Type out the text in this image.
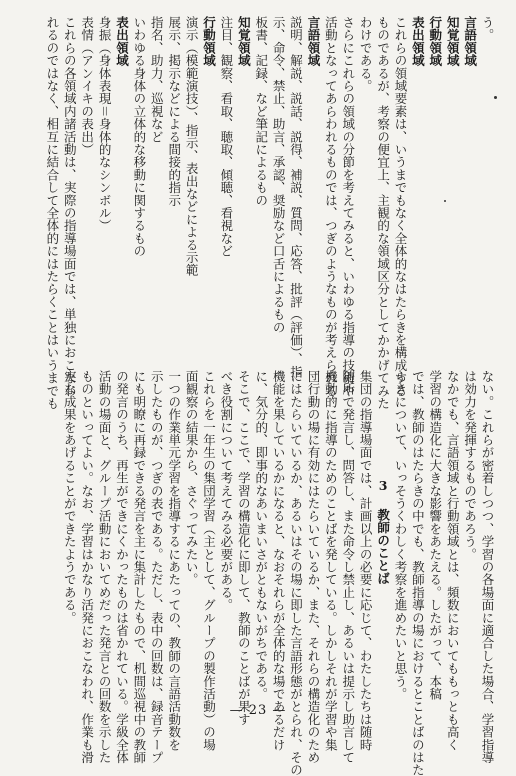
う。
言語領域
知覚領域
行動領域
表出領域
これらの領域要素は、いうまでもなく全体的なはたらきを構成する
ものであるが、考察の便宜上、主観的な領域区分としてかかげてみた
わけである。
さらにこれらの領域の分節を考えてみると、いわゆる指導の技術や
活動となってあらわれるものでは、つぎのようなものが考えられる。
言語領域
説明、解説、説話、説得、補説、質問、応答、批評（評価）、指
示、命令、禁止、助言、承認、奨励など口舌によるもの
板書、記録、など筆記によるもの
知覚領域
注目、観察、看取、聴取、傾聴、看視など
行動領域
演示（模範演技）、指示、表出などによる示範
展示、掲示などによる間接的指示
指名、助力、巡視など
いわゆる身体の立体的な移動に関するもの
表出領域
身振（身体表現＝身体的なシンボル）
表情（アンイキの表出）
これらの各領域内諸活動は、実際の指導場面では、単独におこなわ
れるのではなく、相互に結合して全体的にはたらくことはいうまでも
ない。これらが密着しつつ、学習の各場面に適合した場合、学習指導
は効力を発揮するものであろう。
なかでも、言語領域と行動領域とは、頻数においてももっとも高く
学習の構造化に大きな影響をあたえる。したがって、本稿
では、教師のはたらきの中でも、教師指導の場におけるとことばのはた
らきについて、いっそうくわしく考察を進めたいと思う。
3 教師のことば
集団の指導場面では、計画以上の必要に応じて、わたしたちは随時
随所で発言し、問答し、また命令し禁止し、あるいは提示し助言して
機動的に指導のためのことばを発している。しかしそれが学習や集
団行動の場に有効にはたらいているか、また、それらの構造化のため
にはたらいているか、あるいはその場に即した言語形態がとられ、その
機能を果しているかになると、なおそれらが全体的な場であるだけ
に、気分的、即事的なあいまいさがともないがちである。
そこで、ここで、学習の構造化に即して、教師のことばが果す
べき役割について考えてみる必要がある。
これらを一年生の集団学習（主として、グループの製作活動）の場
面観察の結果から、さぐってみたい。
一つの作業単元学習を指導するにあたっての、教師の言語活動数を
示したものが、つぎの表である。ただし、表中の回数は、録音テープ
にも明瞭に再録できる発言を主に集計したもので、机間巡視中の教師
の発言のうち、再生ができにくかったものは省かれている。学級全体
活動の場面と、グループ活動においてめだった発言との回数を示した
ものといってよい。なお、学習はかなり活発におこなわれ、作業も滑
実な成果をあげることができたようである。
— 23 —
